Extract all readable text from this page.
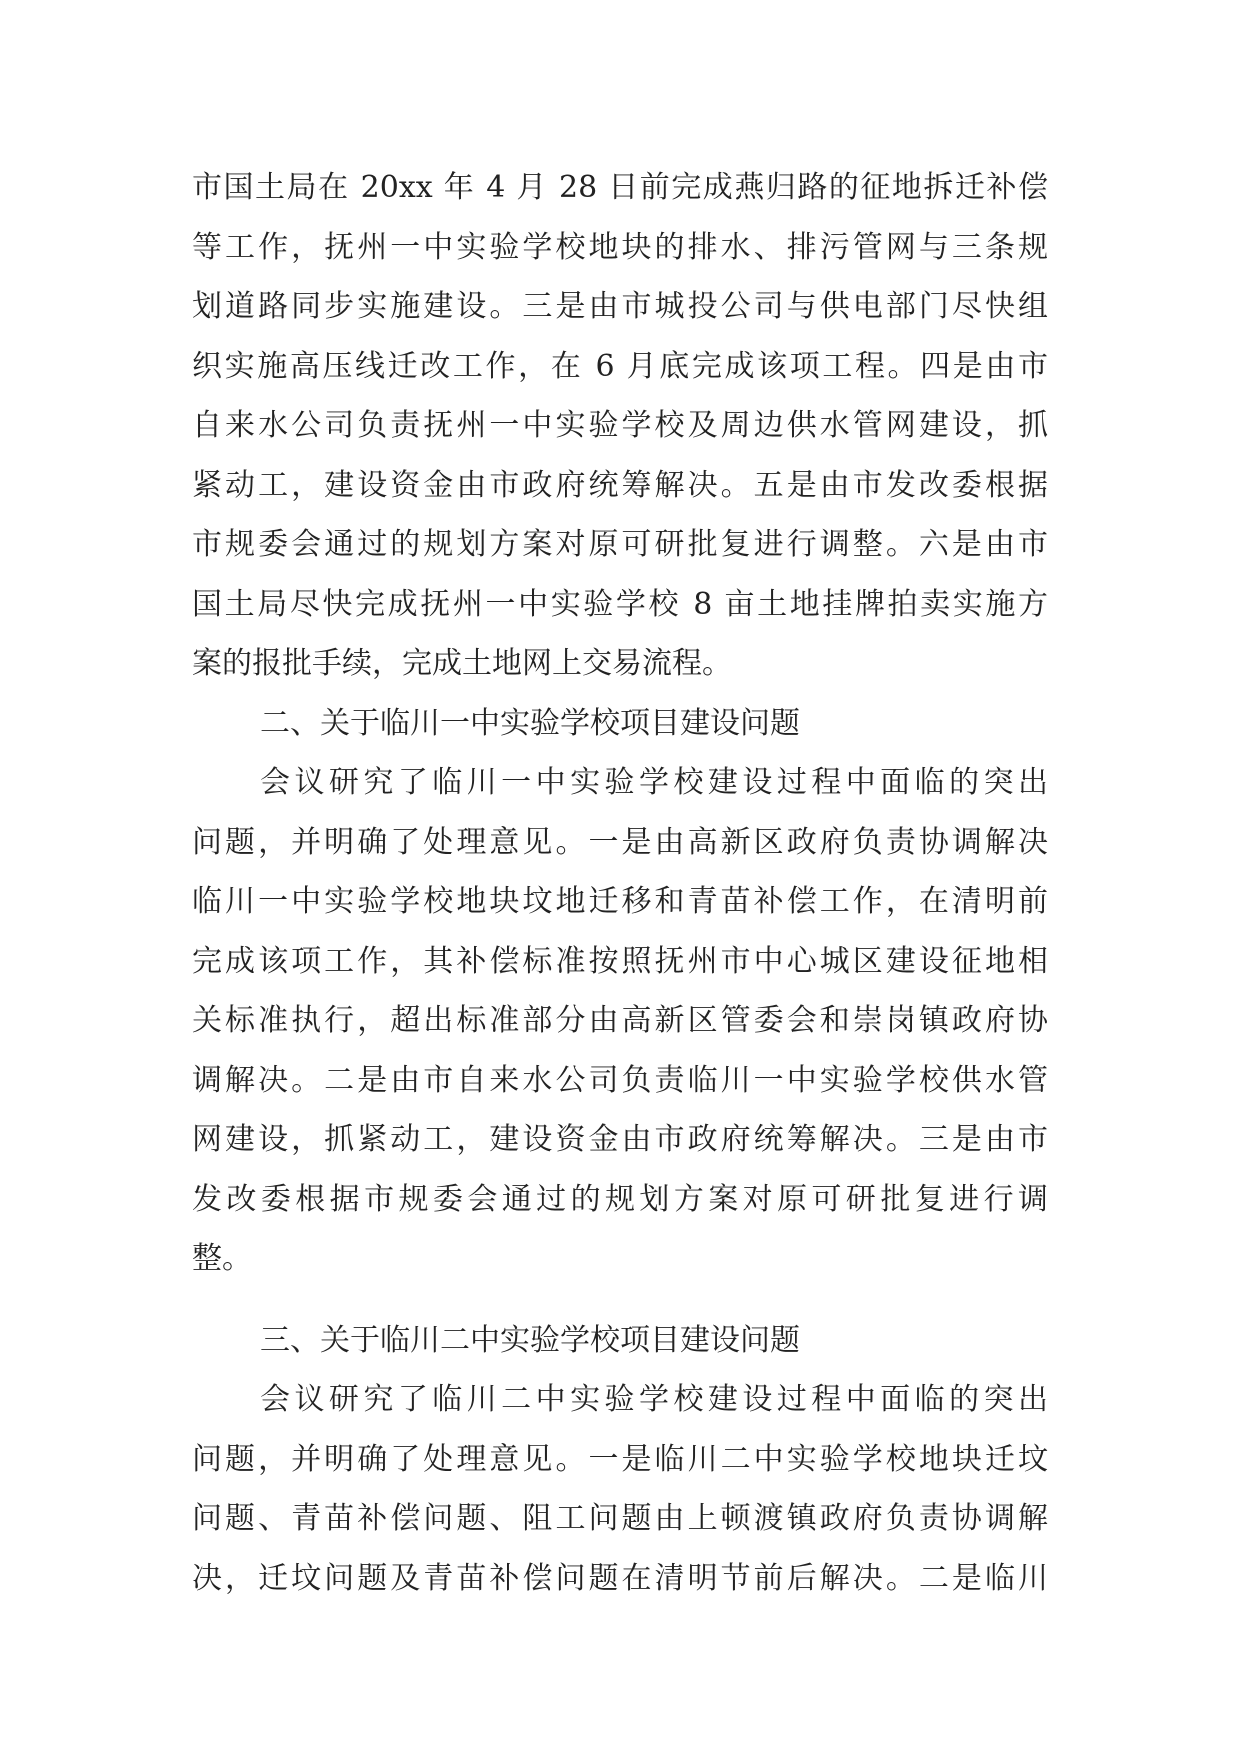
市国土局在 20xx 年 4 月 28 日前完成燕归路的征地拆迁补偿
等工作，抚州一中实验学校地块的排水、排污管网与三条规
划道路同步实施建设。三是由市城投公司与供电部门尽快组
织实施高压线迁改工作，在 6 月底完成该项工程。四是由市
自来水公司负责抚州一中实验学校及周边供水管网建设，抓
紧动工，建设资金由市政府统筹解决。五是由市发改委根据
市规委会通过的规划方案对原可研批复进行调整。六是由市
国土局尽快完成抚州一中实验学校 8 亩土地挂牌拍卖实施方
案的报批手续，完成土地网上交易流程。
二、关于临川一中实验学校项目建设问题
会议研究了临川一中实验学校建设过程中面临的突出
问题，并明确了处理意见。一是由高新区政府负责协调解决
临川一中实验学校地块坟地迁移和青苗补偿工作，在清明前
完成该项工作，其补偿标准按照抚州市中心城区建设征地相
关标准执行，超出标准部分由高新区管委会和崇岗镇政府协
调解决。二是由市自来水公司负责临川一中实验学校供水管
网建设，抓紧动工，建设资金由市政府统筹解决。三是由市
发改委根据市规委会通过的规划方案对原可研批复进行调
整。
三、关于临川二中实验学校项目建设问题
会议研究了临川二中实验学校建设过程中面临的突出
问题，并明确了处理意见。一是临川二中实验学校地块迁坟
问题、青苗补偿问题、阻工问题由上顿渡镇政府负责协调解
决，迁坟问题及青苗补偿问题在清明节前后解决。二是临川
